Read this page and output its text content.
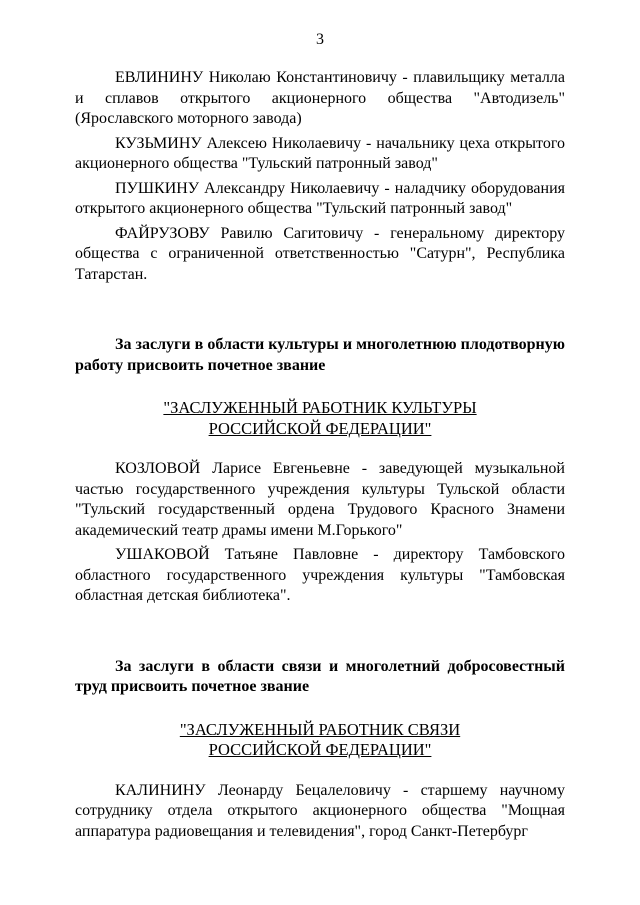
3

ЕВЛИНИНУ Николаю Константиновичу - плавильщику металла и сплавов открытого акционерного общества "Автодизель" (Ярославского моторного завода)

КУЗЬМИНУ Алексею Николаевичу - начальнику цеха открытого акционерного общества "Тульский патронный завод"

ПУШКИНУ Александру Николаевичу - наладчику оборудования открытого акционерного общества "Тульский патронный завод"

ФАЙРУЗОВУ Равилю Сагитовичу - генеральному директору общества с ограниченной ответственностью "Сатурн", Республика Татарстан.

За заслуги в области культуры и многолетнюю плодотворную работу присвоить почетное звание

"ЗАСЛУЖЕННЫЙ РАБОТНИК КУЛЬТУРЫ

РОССИЙСКОЙ ФЕДЕРАЦИИ"

КОЗЛОВОЙ Ларисе Евгеньевне - заведующей музыкальной частью государственного учреждения культуры Тульской области "Тульский государственный ордена Трудового Красного Знамени академический театр драмы имени М.Горького"

УШАКОВОЙ Татьяне Павловне - директору Тамбовского областного государственного учреждения культуры "Тамбовская областная детская библиотека".

За заслуги в области связи и многолетний добросовестный труд присвоить почетное звание

"ЗАСЛУЖЕННЫЙ РАБОТНИК СВЯЗИ

РОССИЙСКОЙ ФЕДЕРАЦИИ"

КАЛИНИНУ Леонарду Бецалеловичу - старшему научному сотруднику отдела открытого акционерного общества "Мощная аппаратура радиовещания и телевидения", город Санкт-Петербург
